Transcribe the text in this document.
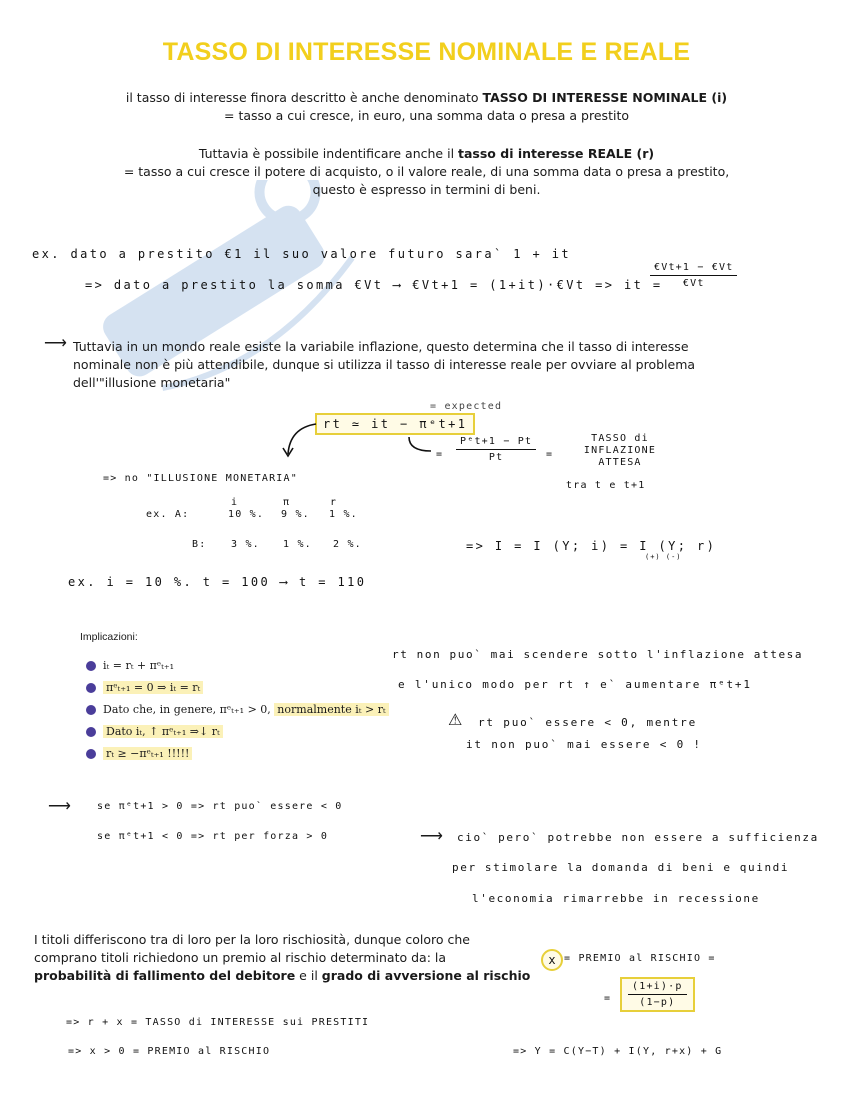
TASSO DI INTERESSE NOMINALE E REALE
il tasso di interesse finora descritto è anche denominato TASSO DI INTERESSE NOMINALE (i)
= tasso a cui cresce, in euro, una somma data o presa a prestito
Tuttavia è possibile indentificare anche il tasso di interesse REALE (r)
= tasso a cui cresce il potere di acquisto, o il valore reale, di una somma data o presa a prestito,
questo è espresso in termini di beni.
ex. dato a prestito €1 il suo valore futuro sara` 1 + it
=> dato a prestito la somma €Vt ⟶ €Vt+1 = (1+it)·€Vt => it =
$\frac{€Vt+1 - €Vt}{€Vt}$
⟶ Tuttavia in un mondo reale esiste la variabile inflazione, questo determina che il tasso di interesse
nominale non è più attendibile, dunque si utilizza il tasso di interesse reale per ovviare al problema
dell'"illusione monetaria"
= expected
rt ≃ it − πᵉt+1
=
Pᵉt+1 − Pt
Pt	=
TASSO di
INFLAZIONE
ATTESA
tra t e t+1
=> no "ILLUSIONE MONETARIA"
i	π	r
ex. A:	10 %. 9 %. 1 %.
B: 3 %. 1 %. 2 %.	=> I = I (Y; i) = I (Y; r)
(+) (-)
ex. i = 10 %. t = 100 ⟶ t = 110
Implicazioni:
iₜ = rₜ + πᵉₜ₊₁
πᵉₜ₊₁ = 0 ⇒ iₜ = rₜ
Dato che, in genere, πᵉₜ₊₁ > 0, normalmente iₜ > rₜ
Dato iₜ, ↑ πᵉₜ₊₁ ⇒↓ rₜ
rₜ ≥ −πᵉₜ₊₁ !!!!!
rt non puo` mai scendere sotto l'inflazione attesa
e l'unico modo per rt ↑ e` aumentare πᵉt+1
⚠ rt puo` essere < 0, mentre
it non puo` mai essere < 0 !
⟶	se πᵉt+1 > 0 => rt puo` essere < 0
se πᵉt+1 < 0 => rt per forza > 0	⟶ cio` pero` potrebbe non essere a sufficienza
per stimolare la domanda di beni e quindi
l'economia rimarrebbe in recessione
I titoli differiscono tra di loro per la loro rischiosità, dunque coloro che
comprano titoli richiedono un premio al rischio determinato da: la
probabilità di fallimento del debitore e il grado di avversione al rischio
x = PREMIO al RISCHIO =
= $\frac{(1+i)\cdot p}{(1-p)}$
=> r + x = TASSO di INTERESSE sui PRESTITI
=> x > 0 = PREMIO al RISCHIO	=> Y = C(Y−T) + I(Y, r+x) + G
